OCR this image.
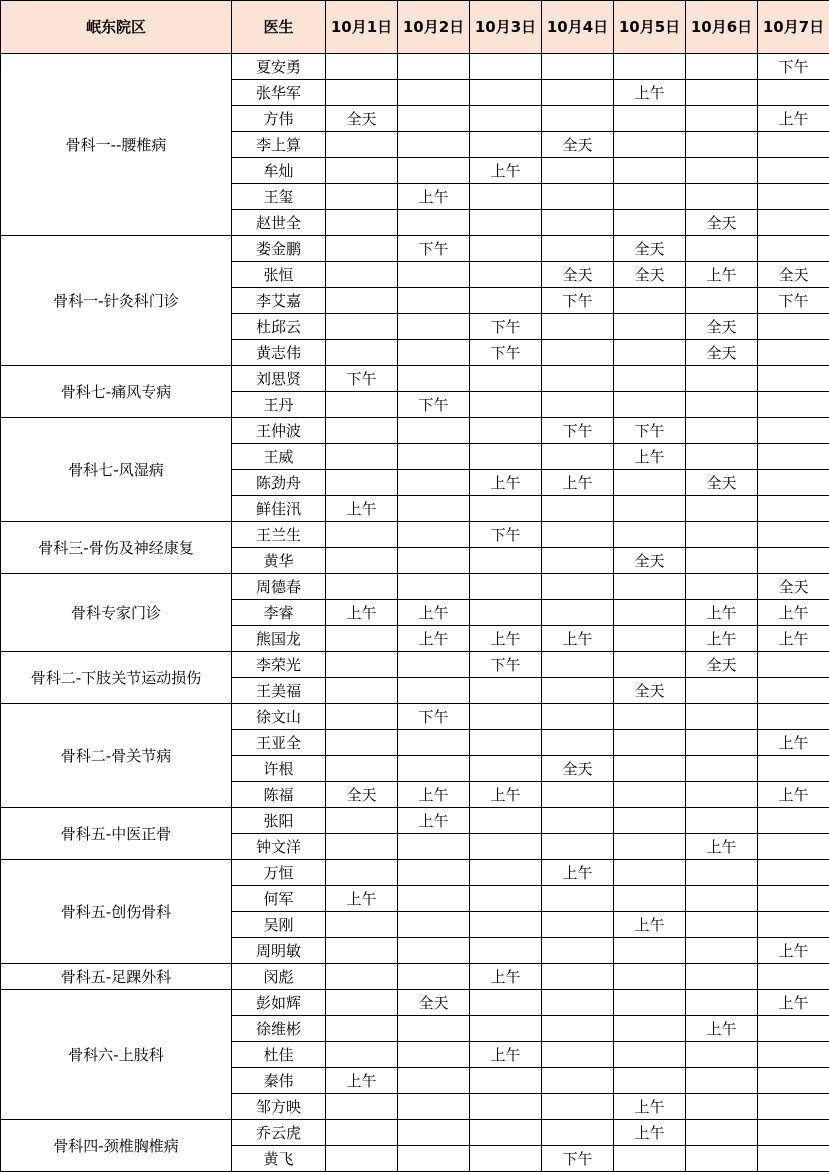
岷东院区	医生	10月1日	10月2日	10月3日	10月4日	10月5日	10月6日	10月7日
骨科一--腰椎病	夏安勇							下午
	张华军					上午		
	方伟	全天						上午
	李上算				全天			
	牟灿			上午				
	王玺		上午					
	赵世全						全天	
骨科一-针灸科门诊	娄金鹏		下午			全天		
	张恒				全天	全天	上午	全天
	李艾嘉				下午			下午
	杜邱云			下午			全天	
	黄志伟			下午			全天	
骨科七-痛风专病	刘思贤	下午						
	王丹		下午					
骨科七-风湿病	王仲波				下午	下午		
	王威					上午		
	陈劲舟			上午	上午		全天	
	鲜佳汛	上午						
骨科三-骨伤及神经康复	王兰生			下午				
	黄华					全天		
骨科专家门诊	周德春							全天
	李睿	上午	上午				上午	上午
	熊国龙		上午	上午	上午		上午	上午
骨科二-下肢关节运动损伤	李荣光			下午			全天	
	王美福					全天		
骨科二-骨关节病	徐文山		下午					
	王亚全							上午
	许根				全天			
	陈福	全天	上午	上午				上午
骨科五-中医正骨	张阳		上午					
	钟文洋						上午	
骨科五-创伤骨科	万恒				上午			
	何军	上午						
	吴刚					上午		
	周明敏							上午
骨科五-足踝外科	闵彪			上午				
骨科六-上肢科	彭如辉		全天					上午
	徐维彬						上午	
	杜佳			上午				
	秦伟	上午						
	邹方映					上午		
骨科四-颈椎胸椎病	乔云虎					上午		
	黄飞				下午			
